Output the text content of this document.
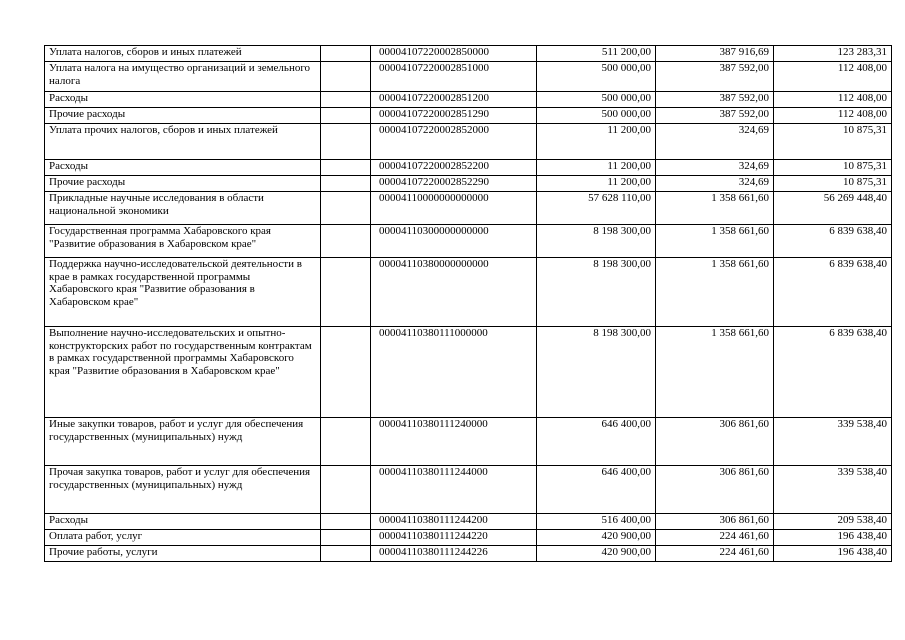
Уплата налогов, сборов и иных платежей		00004107220002850000	511 200,00	387 916,69	123 283,31
Уплата налога на имущество организаций и земельного налога		00004107220002851000	500 000,00	387 592,00	112 408,00
Расходы		00004107220002851200	500 000,00	387 592,00	112 408,00
Прочие расходы		00004107220002851290	500 000,00	387 592,00	112 408,00
Уплата прочих налогов, сборов и иных платежей		00004107220002852000	11 200,00	324,69	10 875,31
Расходы		00004107220002852200	11 200,00	324,69	10 875,31
Прочие расходы		00004107220002852290	11 200,00	324,69	10 875,31
Прикладные научные исследования в области национальной экономики		00004110000000000000	57 628 110,00	1 358 661,60	56 269 448,40
Государственная программа Хабаровского края "Развитие образования в Хабаровском крае"		00004110300000000000	8 198 300,00	1 358 661,60	6 839 638,40
Поддержка научно-исследовательской деятельности в крае в рамках государственной программы Хабаровского края "Развитие образования в Хабаровском крае"		00004110380000000000	8 198 300,00	1 358 661,60	6 839 638,40
Выполнение научно-исследовательских и опытно-конструкторских работ по государственным контрактам в рамках государственной программы Хабаровского края "Развитие образования в Хабаровском крае"		00004110380111000000	8 198 300,00	1 358 661,60	6 839 638,40
Иные закупки товаров, работ и услуг для обеспечения государственных (муниципальных) нужд		00004110380111240000	646 400,00	306 861,60	339 538,40
Прочая закупка товаров, работ и услуг для обеспечения государственных (муниципальных) нужд		00004110380111244000	646 400,00	306 861,60	339 538,40
Расходы		00004110380111244200	516 400,00	306 861,60	209 538,40
Оплата работ, услуг		00004110380111244220	420 900,00	224 461,60	196 438,40
Прочие работы, услуги		00004110380111244226	420 900,00	224 461,60	196 438,40
